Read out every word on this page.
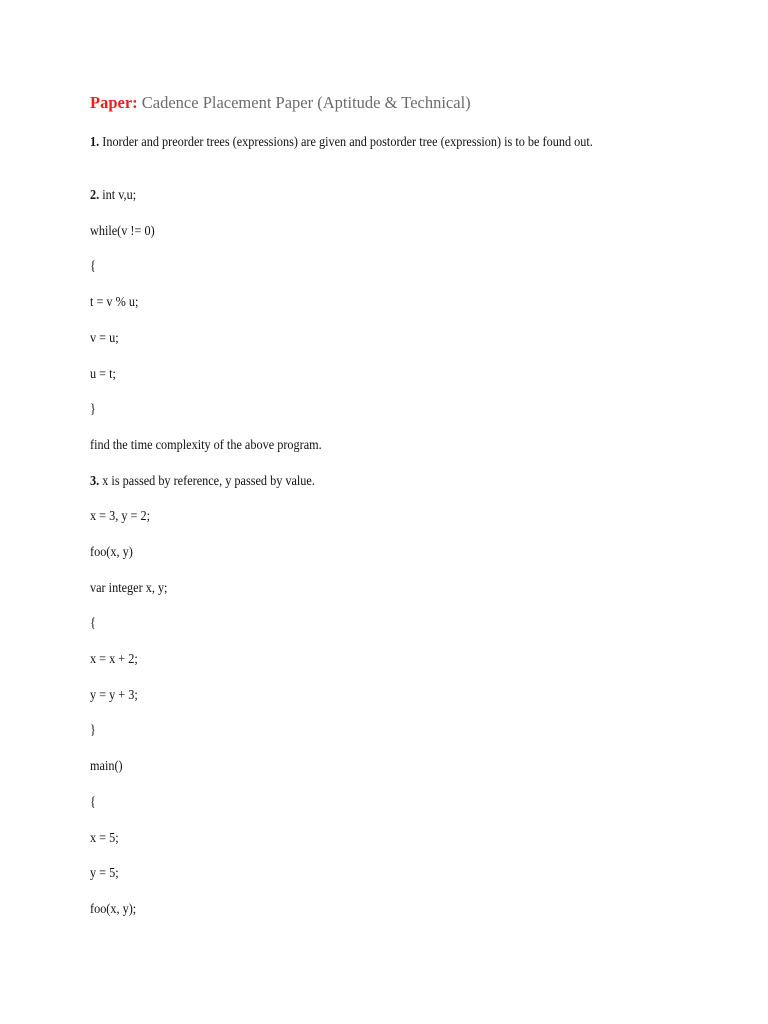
Paper: Cadence Placement Paper (Aptitude & Technical)
1. Inorder and preorder trees (expressions) are given and postorder tree (expression) is to be found out.
2. int v,u;
while(v != 0)
{
t = v % u;
v = u;
u = t;
}
find the time complexity of the above program.
3. x is passed by reference, y passed by value.
x = 3, y = 2;
foo(x, y)
var integer x, y;
{
x = x + 2;
y = y + 3;
}
main()
{
x = 5;
y = 5;
foo(x, y);
